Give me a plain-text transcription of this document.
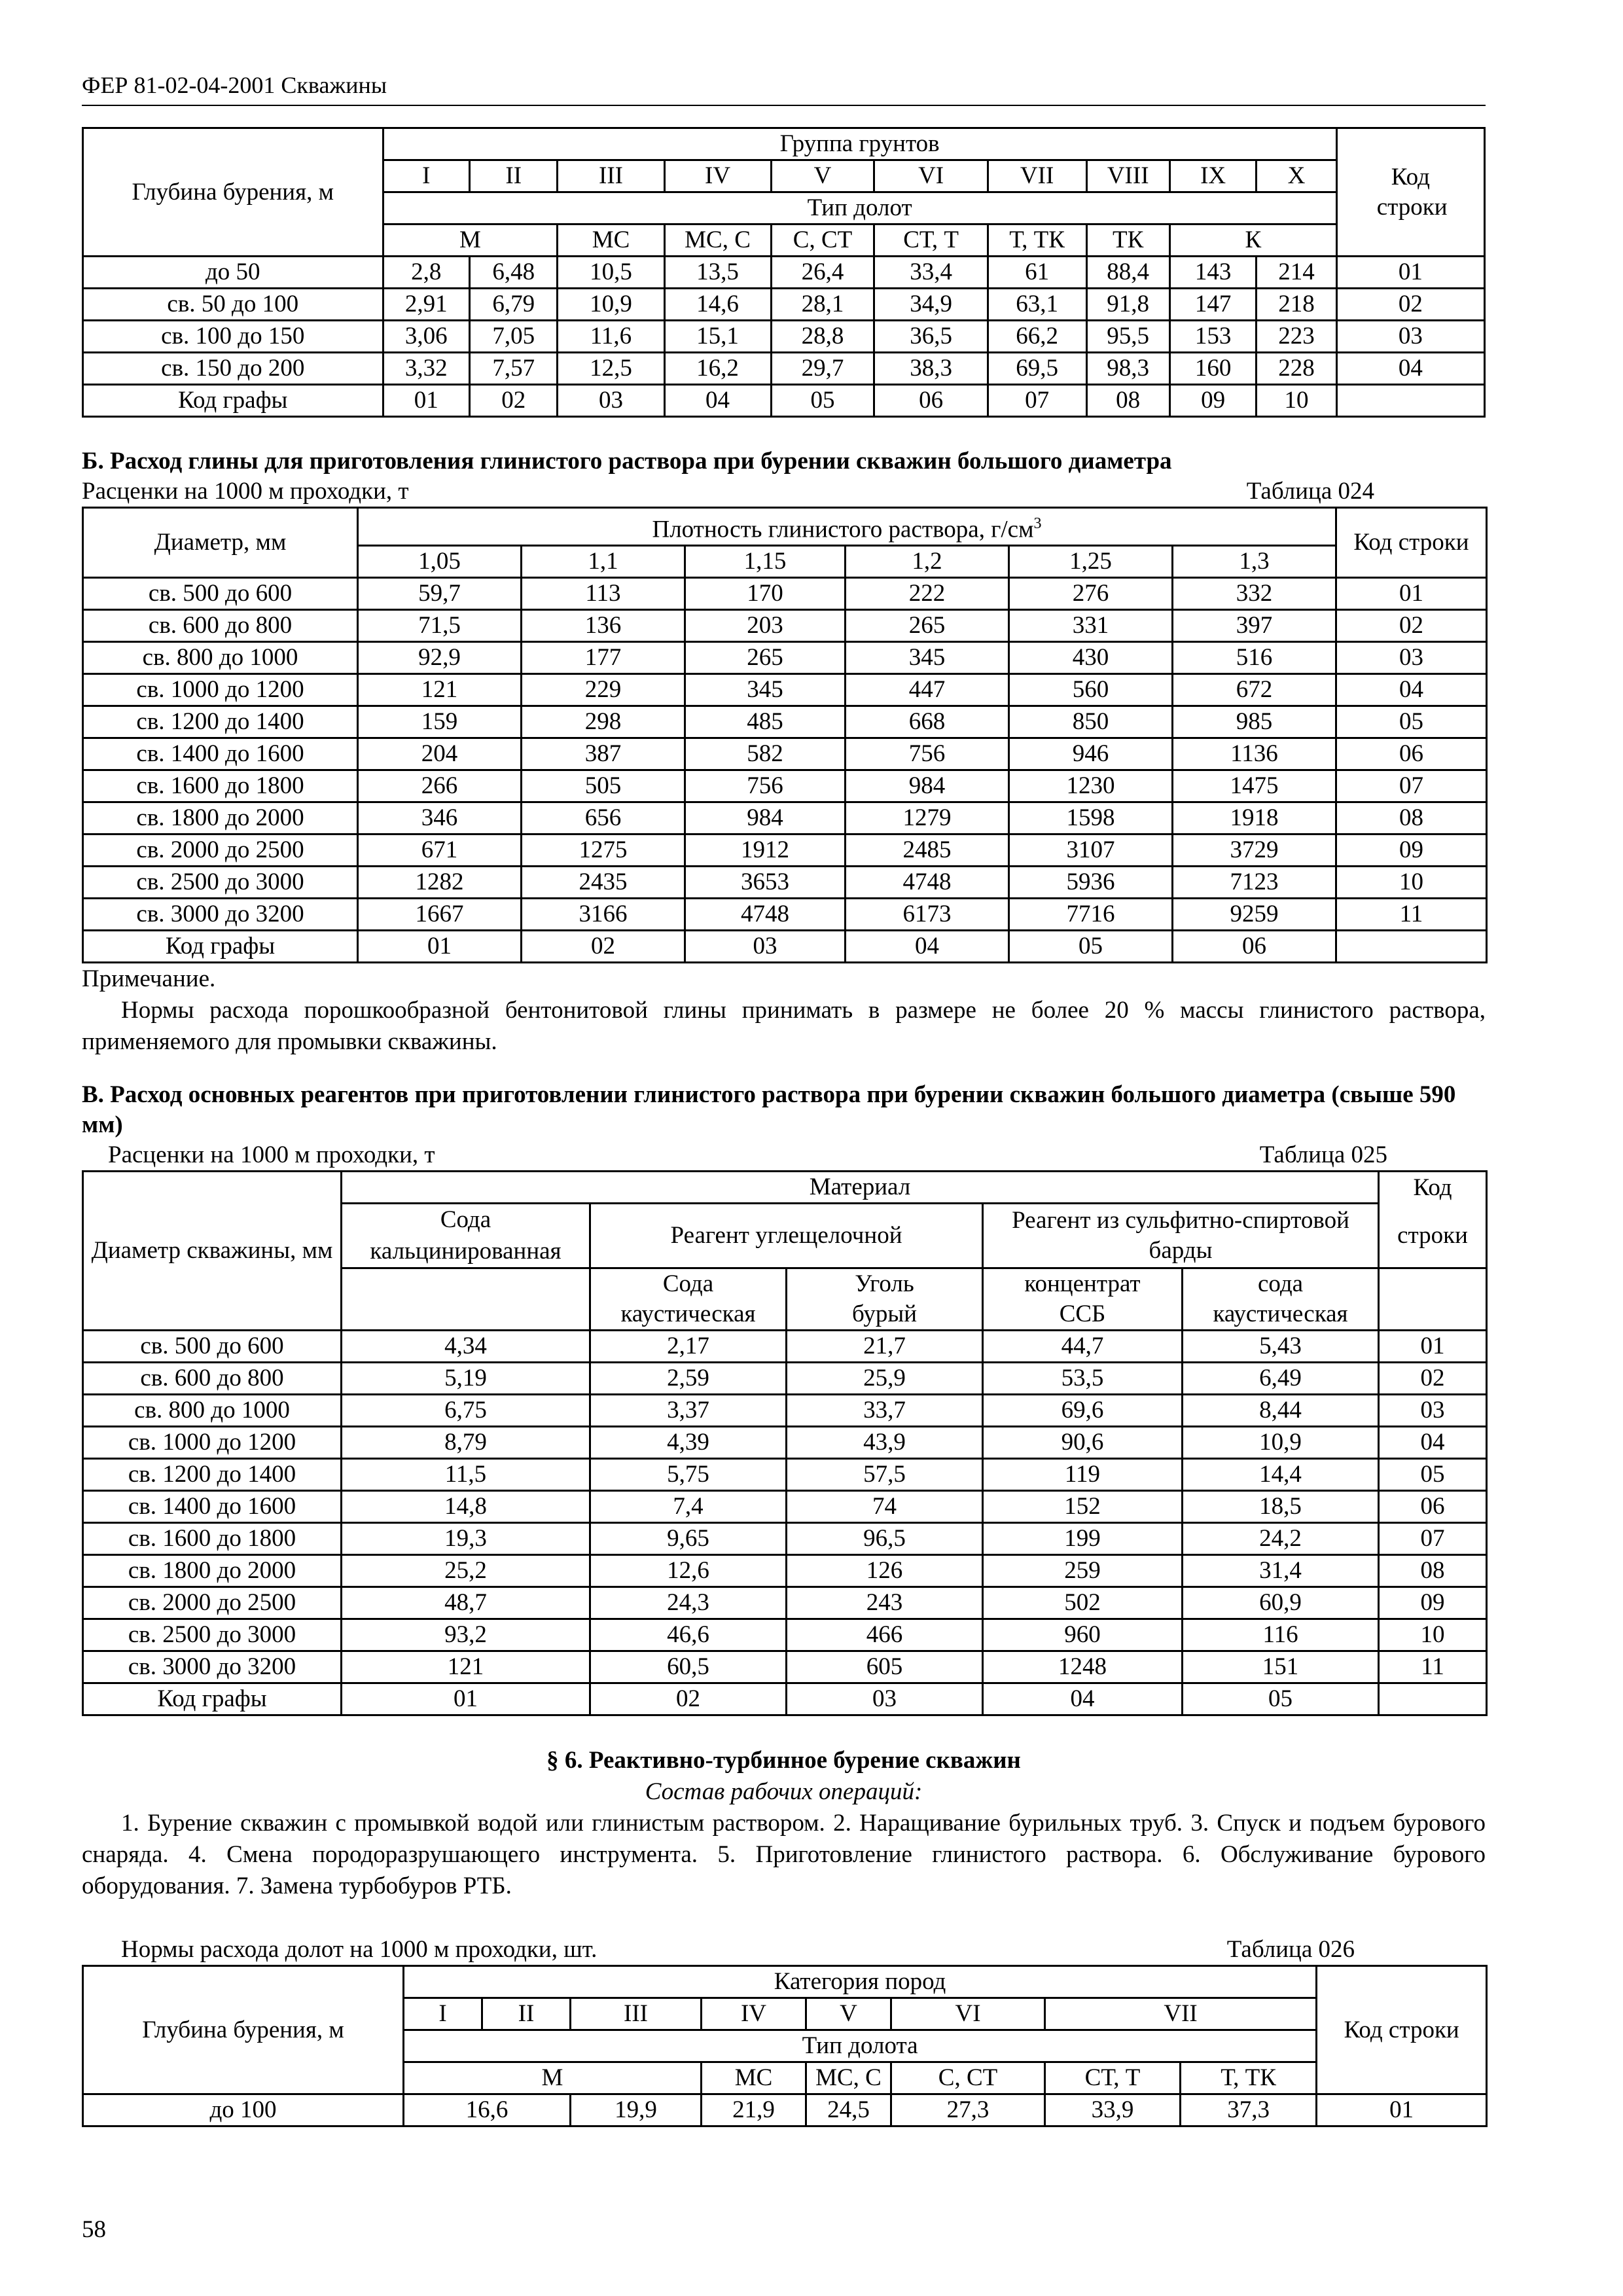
ФЕР 81-02-04-2001 Скважины
Глубина бурения, м	Группа грунтов										Код строки
	I	II	III	IV	V	VI	VII	VIII	IX	X	
	Тип долот										
	М		МС	МС, С	С, СТ	СТ, Т	Т, ТК	ТК	К		
до 50	2,8	6,48	10,5	13,5	26,4	33,4	61	88,4	143	214	01
св. 50 до 100	2,91	6,79	10,9	14,6	28,1	34,9	63,1	91,8	147	218	02
св. 100 до 150	3,06	7,05	11,6	15,1	28,8	36,5	66,2	95,5	153	223	03
св. 150 до 200	3,32	7,57	12,5	16,2	29,7	38,3	69,5	98,3	160	228	04
Код графы	01	02	03	04	05	06	07	08	09	10	

Б. Расход глины для приготовления глинистого раствора при бурении скважин большого диаметра

Расценки на 1000 м проходки, т	Таблица 024
Диаметр, мм	Плотность глинистого раствора, $г/см^3$						Код строки
	1,05	1,1	1,15	1,2	1,25	1,3	
св. 500 до 600	59,7	113	170	222	276	332	01
св. 600 до 800	71,5	136	203	265	331	397	02
св. 800 до 1000	92,9	177	265	345	430	516	03
св. 1000 до 1200	121	229	345	447	560	672	04
св. 1200 до 1400	159	298	485	668	850	985	05
св. 1400 до 1600	204	387	582	756	946	1136	06
св. 1600 до 1800	266	505	756	984	1230	1475	07
св. 1800 до 2000	346	656	984	1279	1598	1918	08
св. 2000 до 2500	671	1275	1912	2485	3107	3729	09
св. 2500 до 3000	1282	2435	3653	4748	5936	7123	10
св. 3000 до 3200	1667	3166	4748	6173	7716	9259	11
Код графы	01	02	03	04	05	06	

Примечание.

Нормы расхода порошкообразной бентонитовой глины принимать в размере не более 20 % массы глинистого раствора, применяемого для промывки скважины.

В. Расход основных реагентов при приготовлении глинистого раствора при бурении скважин большого диаметра (свыше 590 мм)

Расценки на 1000 м проходки, т	Таблица 025
Диаметр скважины, мм	Материал					Код
	Сода кальцинированная	Реагент углещелочной		Реагент из сульфитно-спиртовой барды		строки

		Сода каустическая	Уголь бурый	концентрат ССБ	сода каустическая	
св. 500 до 600	4,34	2,17	21,7	44,7	5,43	01
св. 600 до 800	5,19	2,59	25,9	53,5	6,49	02
св. 800 до 1000	6,75	3,37	33,7	69,6	8,44	03
св. 1000 до 1200	8,79	4,39	43,9	90,6	10,9	04
св. 1200 до 1400	11,5	5,75	57,5	119	14,4	05
св. 1400 до 1600	14,8	7,4	74	152	18,5	06
св. 1600 до 1800	19,3	9,65	96,5	199	24,2	07
св. 1800 до 2000	25,2	12,6	126	259	31,4	08
св. 2000 до 2500	48,7	24,3	243	502	60,9	09
св. 2500 до 3000	93,2	46,6	466	960	116	10
св. 3000 до 3200	121	60,5	605	1248	151	11
Код графы	01	02	03	04	05	
§ 6. Реактивно-турбинное бурение скважин
Состав рабочих операций:

1. Бурение скважин с промывкой водой или глинистым раствором. 2. Наращивание бурильных труб. 3. Спуск и подъем бурового снаряда. 4. Смена породоразрушающего инструмента. 5. Приготовление глинистого раствора. 6. Обслуживание бурового оборудования. 7. Замена турбобуров РТБ.

Нормы расхода долот на 1000 м проходки, шт.	Таблица 026
Глубина бурения, м	Категория пород								Код строки
	I	II	III	IV	V	VI	VII		
	Тип долота								
	М			МС	МС, С	С, СТ	СТ, Т	Т, ТК	
до 100	16,6		19,9	21,9	24,5	27,3	33,9	37,3	01
58
